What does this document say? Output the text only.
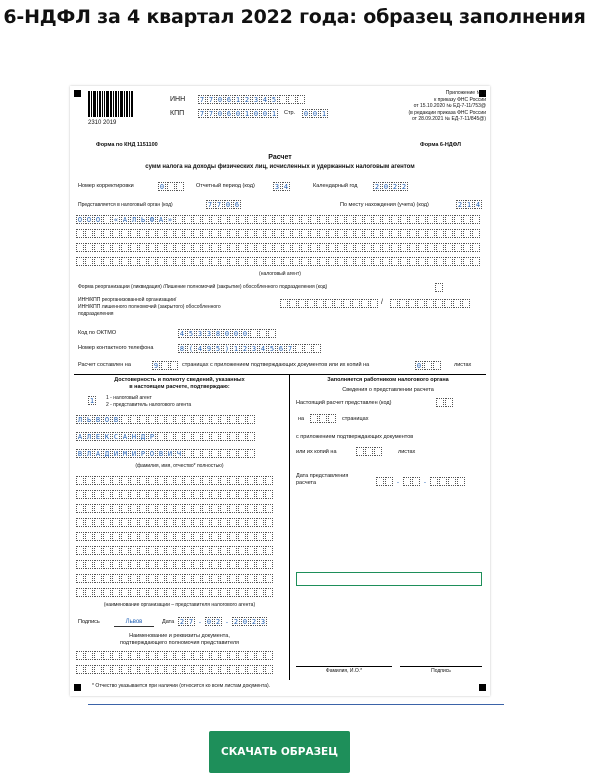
6-НДФЛ за 4 квартал 2022 года: образец заполнения
2310 2019
ИНН 7 7 0 6 1 2 3 4 5
КПП 7 7 0 6 0 1 0 0 1	Стр. 0 0 1
Приложение № 1
к приказу ФНС России
от 15.10.2020 № ЕД-7-11/753@
(в редакции приказа ФНС России
от 28.09.2021 № ЕД-7-11/845@)
Форма по КНД 1151100	Форма 6-НДФЛ
Расчет
сумм налога на доходы физических лиц, исчисленных и удержанных налоговым агентом
Номер корректировки	0	Отчетный период (код)	3 4	Календарный год 2 0 2 2
Представляется в налоговый орган (код)	7 7 0 6	По месту нахождения (учета) (код)	2 1 4
О О О « А Л Ь Ф А »
(налоговый агент)
Форма реорганизации (ликвидация) /Лишение полномочий (закрытие) обособленного подразделения (код)
ИНН/КПП реорганизованной организации/
ИНН/КПП лишенного полномочий (закрытого) обособленного
подразделения
/
Код по ОКТМО	4 5 3 3 8 0 0 0
Номер контактного телефона	8 ( 4 9 5 ) 1 2 3 4 5 6 7
Расчет составлен на	9	страницах с приложением подтверждающих документов или их копий на	0	листах
Достоверность и полноту сведений, указанных
в настоящем расчете, подтверждаю:
1	1 - налоговый агент
2 - представитель налогового агента
Л Ь В О В
А Л Е К С А Н Д Р
В Л А Д И М И Р О В И Ч
(фамилия, имя, отчество* полностью)
(наименование организации – представителя налогового агента)
Подпись	Львов	Дата 2 7 . 0 2 . 2 0 2 3
Наименование и реквизиты документа,
подтверждающего полномочия представителя
Заполняется работником налогового органа
Сведения о представлении расчета
Настоящий расчет представлен (код)
на	страницах
с приложением подтверждающих документов
или их копий на	листах
Дата представления
расчета	.	.
Фамилия, И.О.*	Подпись
* Отчество указывается при наличии (относится ко всем листам документа).
СКАЧАТЬ ОБРАЗЕЦ
